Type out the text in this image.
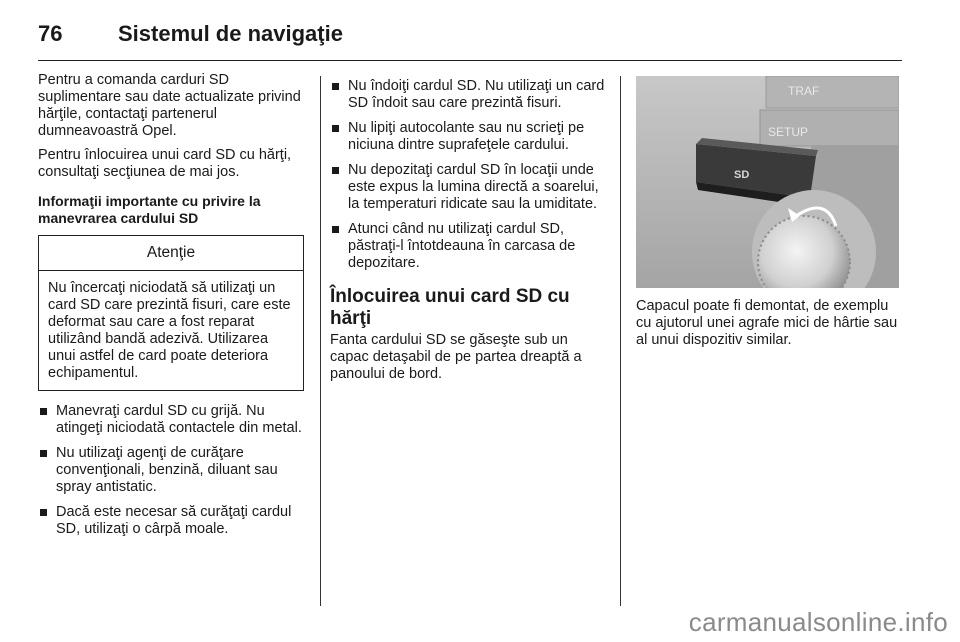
76	Sistemul de navigaţie

Pentru a comanda carduri SD suplimentare sau date actualizate privind hărţile, contactaţi partenerul dumneavoastră Opel.

Pentru înlocuirea unui card SD cu hărţi, consultaţi secţiunea de mai jos.

Informaţii importante cu privire la manevrarea cardului SD
Atenţie
Nu încercaţi niciodată să utilizaţi un card SD care prezintă fisuri, care este deformat sau care a fost reparat utilizând bandă adezivă. Utilizarea unui astfel de card poate deteriora echipamentul.
Manevraţi cardul SD cu grijă. Nu atingeţi niciodată contactele din metal.
Nu utilizaţi agenţi de curăţare convenţionali, benzină, diluant sau spray antistatic.
Dacă este necesar să curăţaţi cardul SD, utilizaţi o cârpă moale.
Nu îndoiţi cardul SD. Nu utilizaţi un card SD îndoit sau care prezintă fisuri.
Nu lipiţi autocolante sau nu scrieţi pe niciuna dintre suprafeţele cardului.
Nu depozitaţi cardul SD în locaţii unde este expus la lumina directă a soarelui, la temperaturi ridicate sau la umiditate.
Atunci când nu utilizaţi cardul SD, păstraţi-l întotdeauna în carcasa de depozitare.
Înlocuirea unui card SD cu hărţi

Fanta cardului SD se găseşte sub un capac detaşabil de pe partea dreaptă a panoului de bord.

TRAF
SETUP
SD

Capacul poate fi demontat, de exemplu cu ajutorul unei agrafe mici de hârtie sau al unui dispozitiv similar.

carmanualsonline.info
